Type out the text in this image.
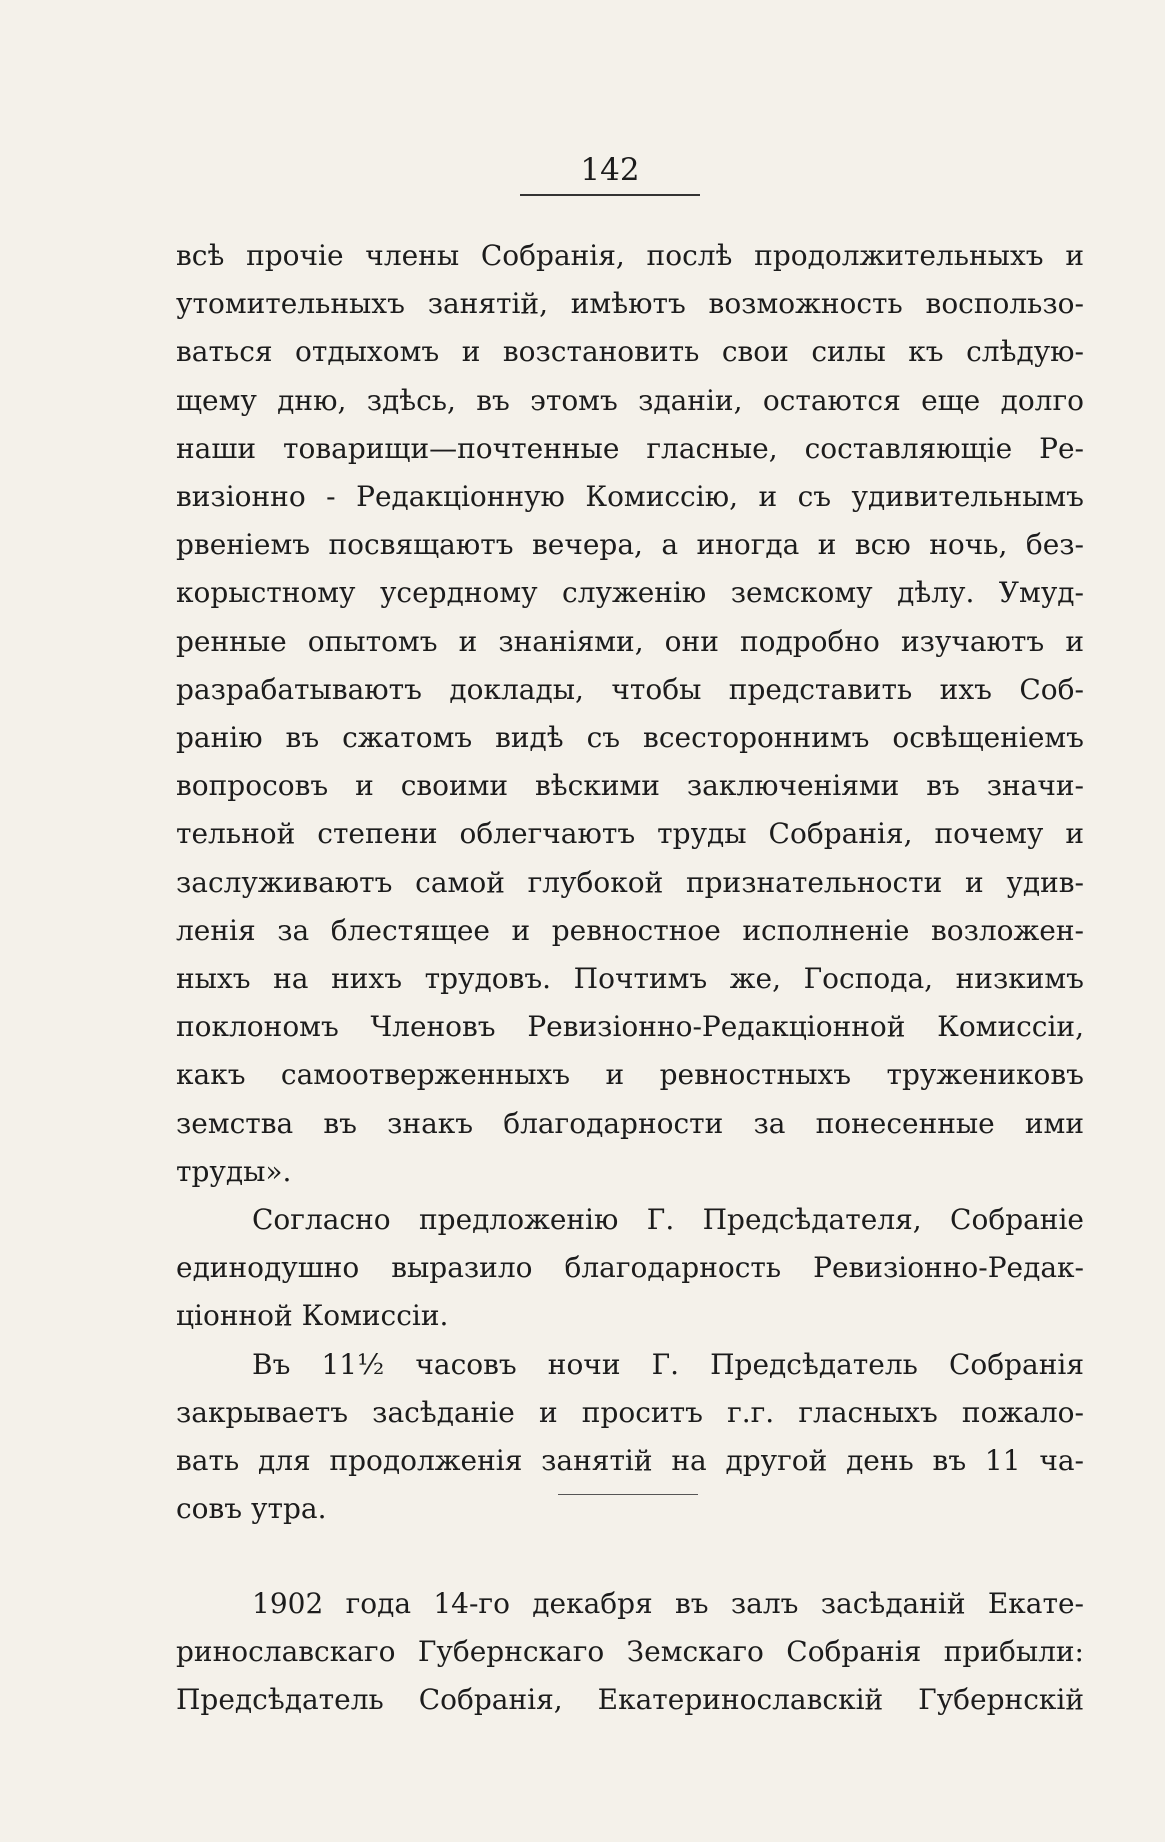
142
всѣ прочіе члены Собранія, послѣ продолжительныхъ и
утомительныхъ занятій, имѣютъ возможность воспользо-
ваться отдыхомъ и возстановить свои силы къ слѣдую-
щему дню, здѣсь, въ этомъ зданіи, остаются еще долго
наши товарищи—почтенные гласные, составляющіе Ре-
визіонно - Редакціонную Комиссію, и съ удивительнымъ
рвеніемъ посвящаютъ вечера, а иногда и всю ночь, без-
корыстному усердному служенію земскому дѣлу. Умуд-
ренные опытомъ и знаніями, они подробно изучаютъ и
разрабатываютъ доклады, чтобы представить ихъ Соб-
ранію въ сжатомъ видѣ съ всестороннимъ освѣщеніемъ
вопросовъ и своими вѣскими заключеніями въ значи-
тельной степени облегчаютъ труды Собранія, почему и
заслуживаютъ самой глубокой признательности и удив-
ленія за блестящее и ревностное исполненіе возложен-
ныхъ на нихъ трудовъ. Почтимъ же, Господа, низкимъ
поклономъ Членовъ Ревизіонно-Редакціонной Комиссіи,
какъ самоотверженныхъ и ревностныхъ тружениковъ
земства въ знакъ благодарности за понесенные ими
труды».
Согласно предложенію Г. Предсѣдателя, Собраніе
единодушно выразило благодарность Ревизіонно-Редак-
ціонной Комиссіи.
Въ 11½ часовъ ночи Г. Предсѣдатель Собранія
закрываетъ засѣданіе и проситъ г.г. гласныхъ пожало-
вать для продолженія занятій на другой день въ 11 ча-
совъ утра.
1902 года 14-го декабря въ залъ засѣданій Екате-
ринославскаго Губернскаго Земскаго Собранія прибыли:
Предсѣдатель Собранія, Екатеринославскій Губернскій
